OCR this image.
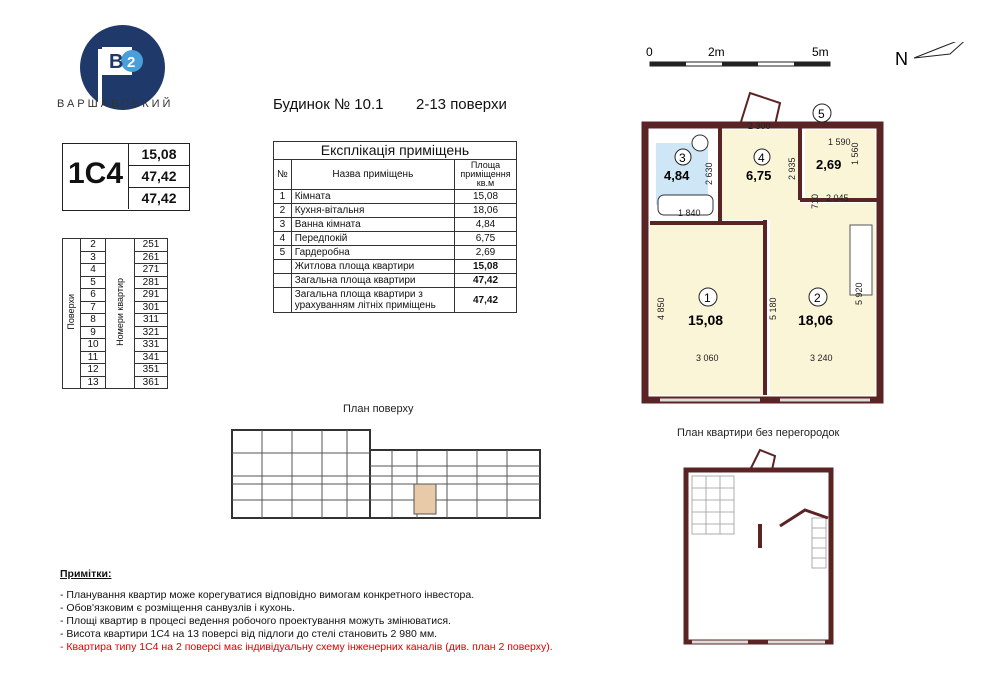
B 2
ВАРШАВСЬКИЙ	Будинок № 10.1 2-13 поверхи
1С4
15,08
47,42
47,42
Поверхи	2	Номери квартир	251
	3		261
	4		271
	5		281
	6		291
	7		301
	8		311
	9		321
	10		331
	11		341
	12		351
	13		361
Експлікація приміщень		
№	Назва приміщень	Площа приміщення кв.м
1	Кімната	15,08
2	Кухня-вітальня	18,06
3	Ванна кімната	4,84
4	Передпокій	6,75
5	Гардеробна	2,69
	Житлова площа квартири	15,08
	Загальна площа квартири	47,42
	Загальна площа квартири з урахуванням літніх приміщень	47,42
0	2m	5m	N
5
3
4,84
4
6,75
2,69
1
15,08
2
18,06
2 300
1 590
2 630
1 560
2 935
1 840
2 045
710
4 850	5 180
5 920
3 060	3 240
План поверху
План квартири без перегородок
Примітки:
- Планування квартир може корегуватися відповідно вимогам конкретного інвестора.
- Обов'язковим є розміщення санвузлів і кухонь.
- Площі квартир в процесі ведення робочого проектування можуть змінюватися.
- Висота квартири 1С4 на 13 поверсі від підлоги до стелі становить 2 980 мм.
- Квартира типу 1С4 на 2 поверсі має індивідуальну схему інженерних каналів (див. план 2 поверху).
